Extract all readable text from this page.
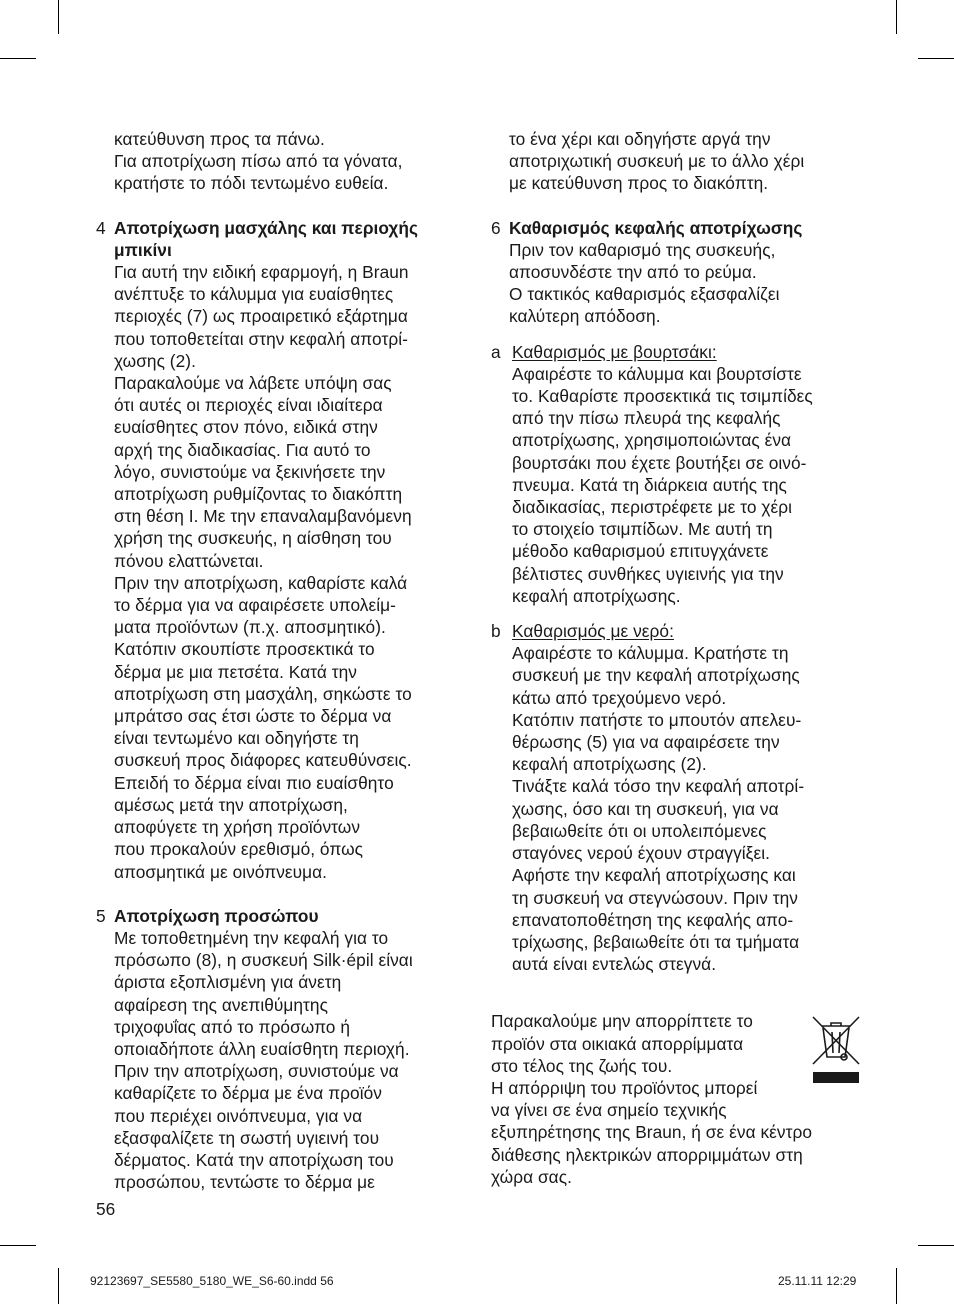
κατεύθυνση προς τα πάνω.
Για αποτρίχωση πίσω από τα γόνατα,
κρατήστε το πόδι τεντωμένο ευθεία.
4 Αποτρίχωση μασχάλης και περιοχής
μπικίνι
Για αυτή την ειδική εφαρμογή, η Braun
ανέπτυξε το κάλυμμα για ευαίσθητες
περιοχές (7) ως προαιρετικό εξάρτημα
που τοποθετείται στην κεφαλή αποτρί-
χωσης (2).
Παρακαλούμε να λάβετε υπόψη σας
ότι αυτές οι περιοχές είναι ιδιαίτερα
ευαίσθητες στον πόνο, ειδικά στην
αρχή της διαδικασίας. Για αυτό το
λόγο, συνιστούμε να ξεκινήσετε την
αποτρίχωση ρυθμίζοντας το διακόπτη
στη θέση I. Με την επαναλαμβανόμενη
χρήση της συσκευής, η αίσθηση του
πόνου ελαττώνεται.
Πριν την αποτρίχωση, καθαρίστε καλά
το δέρμα για να αφαιρέσετε υπολείμ-
ματα προϊόντων (π.χ. αποσμητικό).
Κατόπιν σκουπίστε προσεκτικά το
δέρμα με μια πετσέτα. Κατά την
αποτρίχωση στη μασχάλη, σηκώστε το
μπράτσο σας έτσι ώστε το δέρμα να
είναι τεντωμένο και οδηγήστε τη
συσκευή προς διάφορες κατευθύνσεις.
Επειδή το δέρμα είναι πιο ευαίσθητο
αμέσως μετά την αποτρίχωση,
αποφύγετε τη χρήση προϊόντων
που προκαλούν ερεθισμό, όπως
αποσμητικά με οινόπνευμα.
5 Αποτρίχωση προσώπου
Με τοποθετημένη την κεφαλή για το
πρόσωπο (8), η συσκευή Silk·épil είναι
άριστα εξοπλισμένη για άνετη
αφαίρεση της ανεπιθύμητης
τριχοφυΐας από το πρόσωπο ή
οποιαδήποτε άλλη ευαίσθητη περιοχή.
Πριν την αποτρίχωση, συνιστούμε να
καθαρίζετε το δέρμα με ένα προϊόν
που περιέχει οινόπνευμα, για να
εξασφαλίζετε τη σωστή υγιεινή του
δέρματος. Κατά την αποτρίχωση του
προσώπου, τεντώστε το δέρμα με
το ένα χέρι και οδηγήστε αργά την
αποτριχωτική συσκευή με το άλλο χέρι
με κατεύθυνση προς το διακόπτη.
6 Καθαρισμός κεφαλής αποτρίχωσης
Πριν τον καθαρισμό της συσκευής,
αποσυνδέστε την από το ρεύμα.
Ο τακτικός καθαρισμός εξασφαλίζει
καλύτερη απόδοση.
a Καθαρισμός με βουρτσάκι:
Αφαιρέστε το κάλυμμα και βουρτσίστε
το. Καθαρίστε προσεκτικά τις τσιμπίδες
από την πίσω πλευρά της κεφαλής
αποτρίχωσης, χρησιμοποιώντας ένα
βουρτσάκι που έχετε βουτήξει σε οινό-
πνευμα. Κατά τη διάρκεια αυτής της
διαδικασίας, περιστρέφετε με το χέρι
το στοιχείο τσιμπίδων. Με αυτή τη
μέθοδο καθαρισμού επιτυγχάνετε
βέλτιστες συνθήκες υγιεινής για την
κεφαλή αποτρίχωσης.
b Καθαρισμός με νερό:
Αφαιρέστε το κάλυμμα. Κρατήστε τη
συσκευή με την κεφαλή αποτρίχωσης
κάτω από τρεχούμενο νερό.
Κατόπιν πατήστε το μπουτόν απελευ-
θέρωσης (5) για να αφαιρέσετε την
κεφαλή αποτρίχωσης (2).
Τινάξτε καλά τόσο την κεφαλή αποτρί-
χωσης, όσο και τη συσκευή, για να
βεβαιωθείτε ότι οι υπολειπόμενες
σταγόνες νερού έχουν στραγγίξει.
Αφήστε την κεφαλή αποτρίχωσης και
τη συσκευή να στεγνώσουν. Πριν την
επανατοποθέτηση της κεφαλής απο-
τρίχωσης, βεβαιωθείτε ότι τα τμήματα
αυτά είναι εντελώς στεγνά.
Παρακαλούμε μην απορρίπτετε το
προϊόν στα οικιακά απορρίμματα
στο τέλος της ζωής του.
Η απόρριψη του προϊόντος μπορεί
να γίνει σε ένα σημείο τεχνικής
εξυπηρέτησης της Braun, ή σε ένα κέντρο
διάθεσης ηλεκτρικών απορριμμάτων στη
χώρα σας.
56
92123697_SE5580_5180_WE_S6-60.indd 56	25.11.11 12:29
